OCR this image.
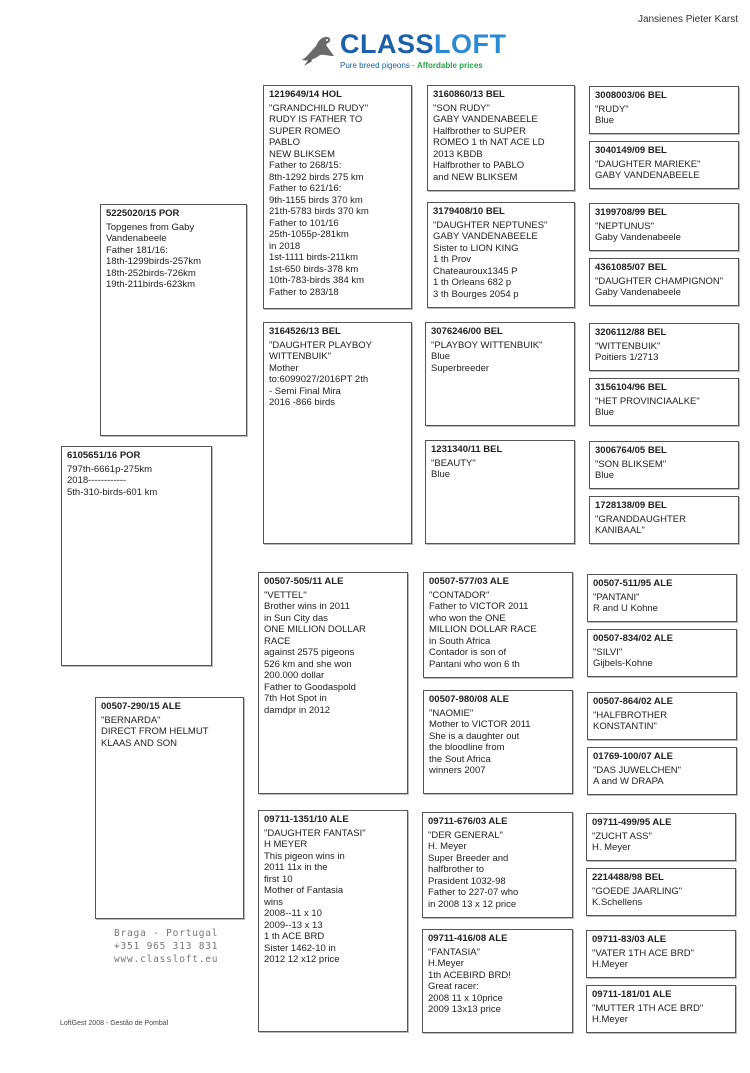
Jansienes Pieter Karst
CLASSLOFT
Pure breed pigeons - Affordable prices
6105651/16 POR
797th-6661p-275km
2018------------
5th-310-birds-601 km
5225020/15 POR
Topgenes from Gaby
Vandenabeele
Father 181/16:
18th-1299birds-257km
18th-252birds-726km
19th-211birds-623km
00507-290/15 ALE
"BERNARDA"
DIRECT FROM HELMUT
KLAAS AND SON
1219649/14 HOL
"GRANDCHILD RUDY"
RUDY IS FATHER TO
SUPER ROMEO
PABLO
NEW BLIKSEM
Father to 268/15:
8th-1292 birds 275 km
Father to 621/16:
9th-1155 birds 370 km
21th-5783 birds 370 km
Father to 101/16
25th-1055p-281km
in 2018
1st-1111 birds-211km
1st-650 birds-378 km
10th-783-birds 384 km
Father to 283/18
3164526/13 BEL
"DAUGHTER PLAYBOY
WITTENBUIK"
Mother
to:6099027/2016PT 2th
- Semi Final Mira
2016 -866 birds
00507-505/11 ALE
"VETTEL"
Brother wins in 2011
in Sun City das
ONE MILLION DOLLAR
RACE
against 2575 pigeons
526 km and she won
200.000 dollar
Father to Goodaspold
7th Hot Spot in
damdpr in 2012
09711-1351/10 ALE
"DAUGHTER FANTASI"
H MEYER
This pigeon wins in
2011 11x in the
first 10
Mother of Fantasia
wins
2008--11 x 10
2009--13 x 13
1 th ACE BRD
Sister 1462-10 in
2012 12 x12 price
3160860/13 BEL
"SON RUDY"
GABY VANDENABEELE
Halfbrother to SUPER
ROMEO 1 th NAT ACE LD
2013 KBDB
Halfbrother to PABLO
and NEW BLIKSEM
3179408/10 BEL
"DAUGHTER NEPTUNES"
GABY VANDENABEELE
Sister to LION KING
1 th Prov
Chateauroux1345 P
1 th Orleans 682 p
3 th Bourges 2054 p
3076246/00 BEL
"PLAYBOY WITTENBUIK"
Blue
Superbreeder
1231340/11 BEL
"BEAUTY"
Blue
00507-577/03 ALE
"CONTADOR"
Father to VICTOR 2011
who won the ONE
MILLION DOLLAR RACE
in South Africa
Contador is son of
Pantani who won 6 th
00507-980/08 ALE
"NAOMIE"
Mother to VICTOR 2011
She is a daughter out
the bloodline from
the Sout Africa
winners 2007
09711-676/03 ALE
"DER GENERAL"
H. Meyer
Super Breeder and
halfbrother to
Prasident 1032-98
Father to 227-07 who
in 2008 13 x 12 price
09711-416/08 ALE
"FANTASIA"
H.Meyer
1th ACEBIRD BRD!
Great racer:
2008 11 x 10price
2009 13x13 price
3008003/06 BEL
"RUDY"
Blue
3040149/09 BEL
"DAUGHTER MARIEKE"
GABY VANDENABEELE
3199708/99 BEL
"NEPTUNUS"
Gaby Vandenabeele
4361085/07 BEL
"DAUGHTER CHAMPIGNON"
Gaby Vandenabeele
3206112/88 BEL
"WITTENBUIK"
Poitiers 1/2713
3156104/96 BEL
"HET PROVINCIAALKE"
Blue
3006764/05 BEL
"SON BLIKSEM"
Blue
1728138/09 BEL
"GRANDDAUGHTER
KANIBAAL"
00507-511/95 ALE
"PANTANI"
R and U Kohne
00507-834/02 ALE
"SILVI"
Gijbels-Kohne
00507-864/02 ALE
"HALFBROTHER
KONSTANTIN"
01769-100/07 ALE
"DAS JUWELCHEN"
A and W DRAPA
09711-499/95 ALE
"ZUCHT ASS"
H. Meyer
2214488/98 BEL
"GOEDE JAARLING"
K.Schellens
09711-83/03 ALE
"VATER 1TH ACE BRD"
H.Meyer
09711-181/01 ALE
"MUTTER 1TH ACE BRD"
H.Meyer
Braga - Portugal
+351 965 313 831
www.classloft.eu
LoftGest 2008 - Gestão de Pombal
